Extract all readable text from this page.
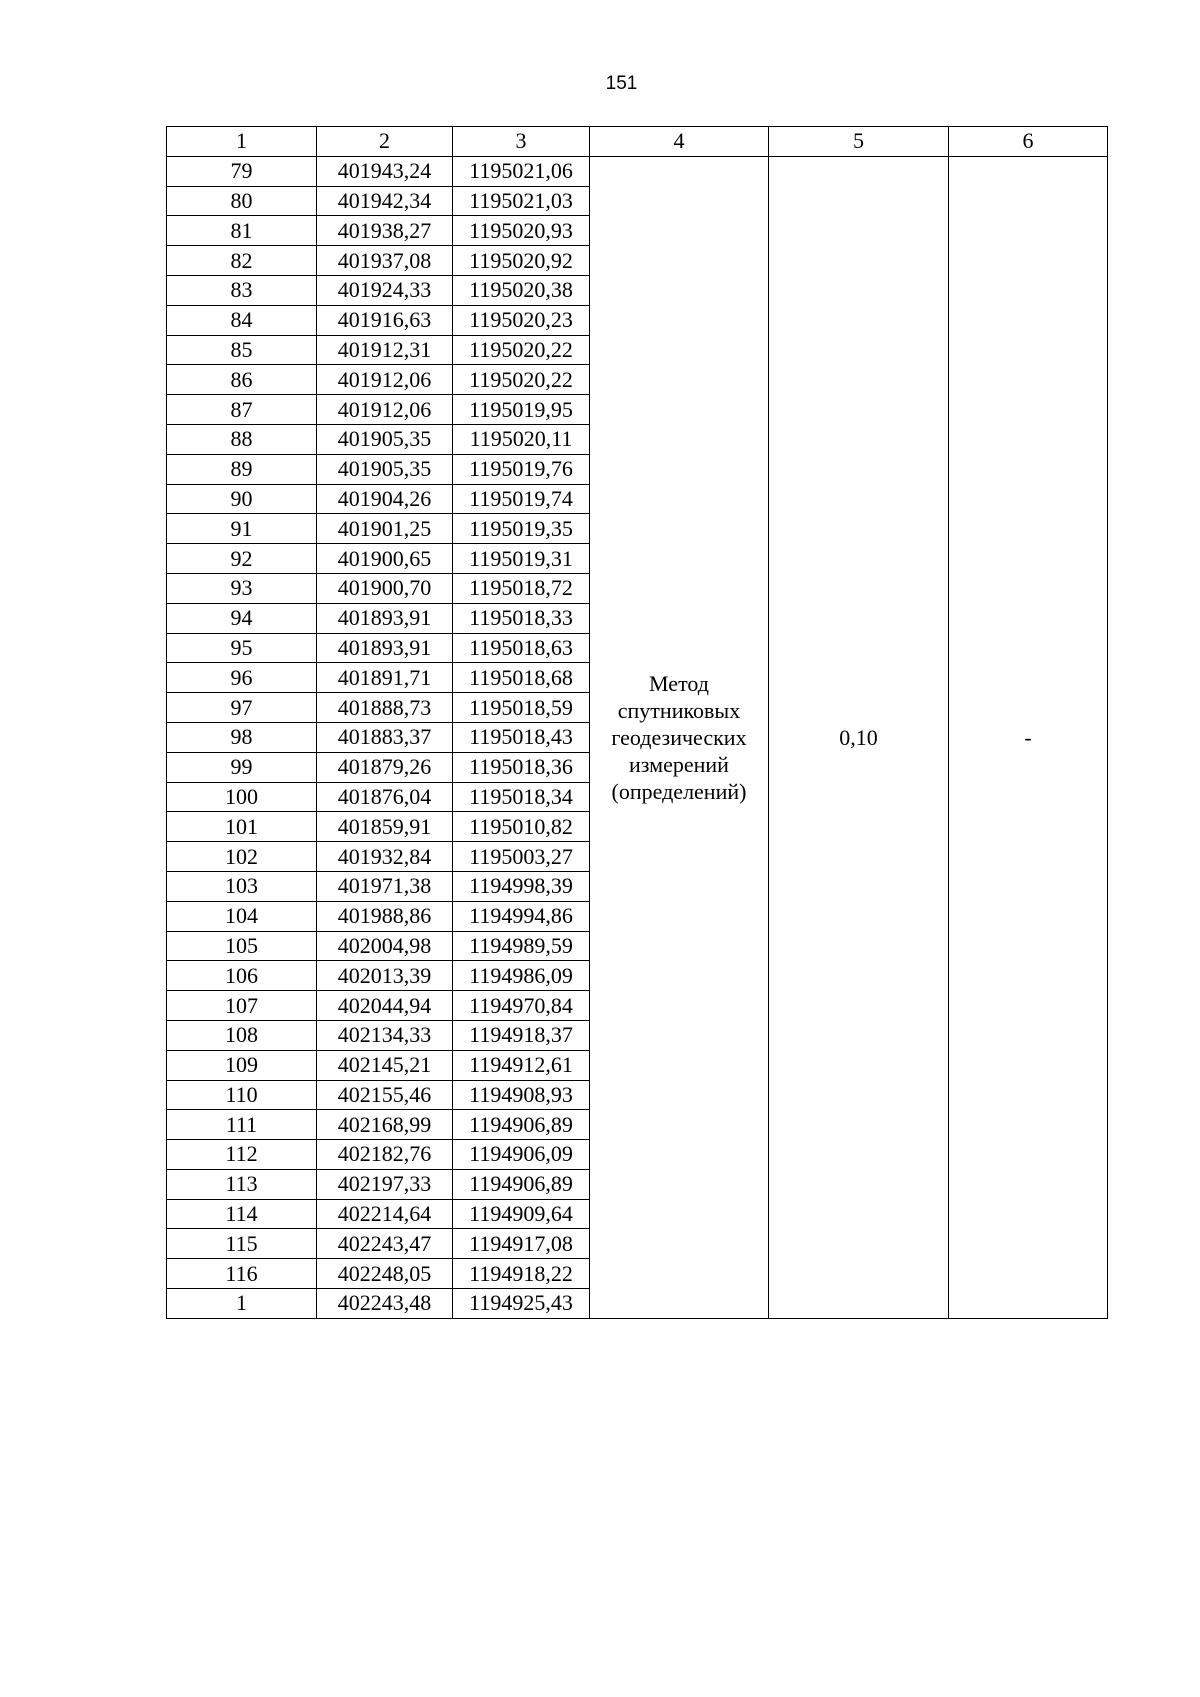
151
1	2	3	4	5	6
79	401943,24	1195021,06	Метод
спутниковых
геодезических
измерений
(определений)	0,10	-
80	401942,34	1195021,03			
81	401938,27	1195020,93			
82	401937,08	1195020,92			
83	401924,33	1195020,38			
84	401916,63	1195020,23			
85	401912,31	1195020,22			
86	401912,06	1195020,22			
87	401912,06	1195019,95			
88	401905,35	1195020,11			
89	401905,35	1195019,76			
90	401904,26	1195019,74			
91	401901,25	1195019,35			
92	401900,65	1195019,31			
93	401900,70	1195018,72			
94	401893,91	1195018,33			
95	401893,91	1195018,63			
96	401891,71	1195018,68			
97	401888,73	1195018,59			
98	401883,37	1195018,43			
99	401879,26	1195018,36			
100	401876,04	1195018,34			
101	401859,91	1195010,82			
102	401932,84	1195003,27			
103	401971,38	1194998,39			
104	401988,86	1194994,86			
105	402004,98	1194989,59			
106	402013,39	1194986,09			
107	402044,94	1194970,84			
108	402134,33	1194918,37			
109	402145,21	1194912,61			
110	402155,46	1194908,93			
111	402168,99	1194906,89			
112	402182,76	1194906,09			
113	402197,33	1194906,89			
114	402214,64	1194909,64			
115	402243,47	1194917,08			
116	402248,05	1194918,22			
1	402243,48	1194925,43			
